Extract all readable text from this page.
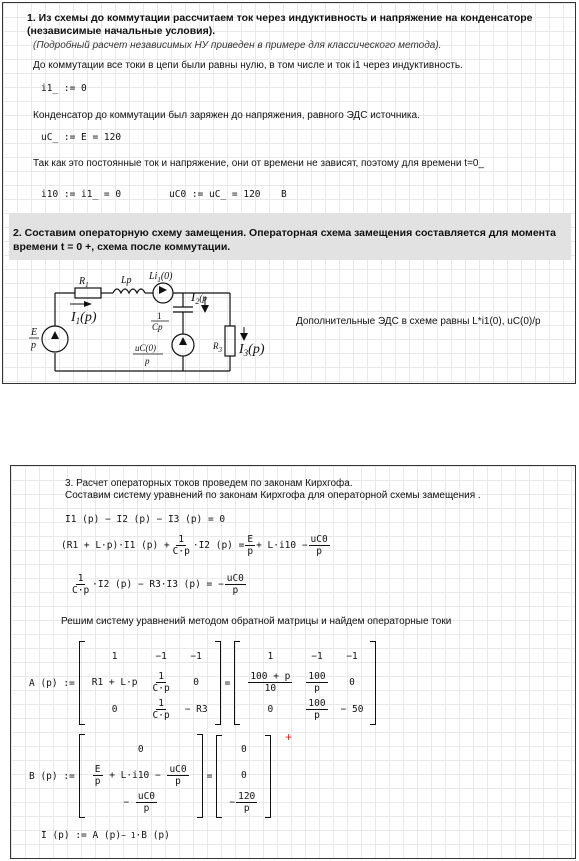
1. Из схемы до коммутации рассчитаем ток через индуктивность и напряжение на конденсаторе
(независимые начальные условия).
(Подробный расчет независимых НУ приведен в примере для классического метода).
До коммутации все токи в цепи были равны нулю, в том числе и ток i1 через индуктивность.
i1_ := 0
Конденсатор до коммутации был заряжен до напряжения, равного ЭДС источника.
uC_ := E = 120
Так как это постоянные ток и напряжение, они от времени не зависят, поэтому для времени t=0_
i10 := i1_ = 0	uC0 := uC_ = 120 В
2. Составим операторную схему замещения. Операторная схема замещения составляется для момента
времени t = 0 +, схема после коммутации.
$R_1$	Lp $Li_1(0)$
E
p
$I_1(p)$	1
Cp
$I_2^{(p}$
uC(0)
p
$R_3$ $I_3(p)$
Дополнительные ЭДС в схеме равны L*i1(0), uC(0)/p
3. Расчет операторных токов проведем по законам Кирхгофа.
Составим систему уравнений по законам Кирхгофа для операторной схемы замещения .
I1 (p) − I2 (p) − I3 (p) = 0
(R1 + L·p)·I1 $(p) + \frac{1}{C\cdot p} \cdot I2$ $(p) = \frac{E}{p} + L\cdot i10 - \frac{uC0}{p}$
$\frac{1}{C\cdot p} \cdot I2$ (p) − R3·I3 (p) = − $\frac{uC0}{p}$
Решим систему уравнений методом обратной матрицы и найдем операторные токи
A (p) :=
1	−1	−1
R1 + L·p	$\frac{1}{C\cdot p}$	0
0	$\frac{1}{C\cdot p}$	− R3
=
1	−1	−1

$\frac{100 + p}{10}$	$\frac{100}{p}$	0
0	$\frac{100}{p}$	− 50
B (p) :=
0

$\frac{E}{p} + L\cdot i10 - \frac{uC0}{p}$

− $\frac{uC0}{p}$
=
0
0
− $\frac{120}{p}$
+
I (p) := A (p) − 1 ·B (p)
